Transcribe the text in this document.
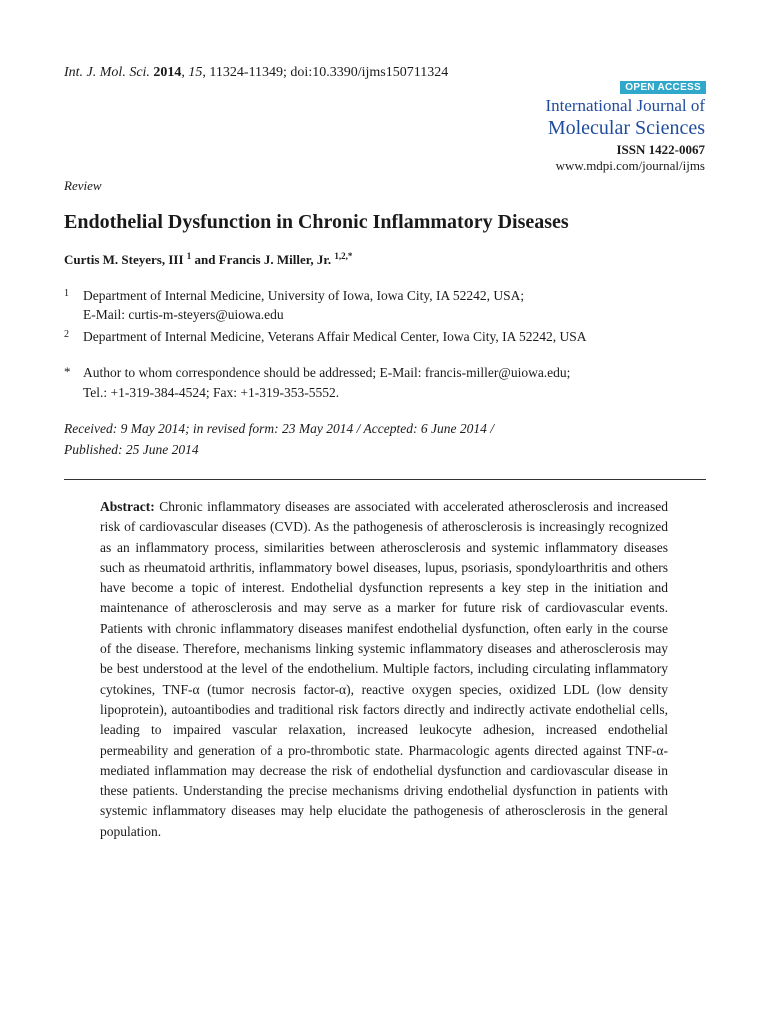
Int. J. Mol. Sci. 2014, 15, 11324-11349; doi:10.3390/ijms150711324
OPEN ACCESS
International Journal of
Molecular Sciences
ISSN 1422-0067
www.mdpi.com/journal/ijms
Review
Endothelial Dysfunction in Chronic Inflammatory Diseases
Curtis M. Steyers, III $^1$ and Francis J. Miller, Jr. $^{1,2,*}$
1 Department of Internal Medicine, University of Iowa, Iowa City, IA 52242, USA;
E-Mail: curtis-m-steyers@uiowa.edu
2 Department of Internal Medicine, Veterans Affair Medical Center, Iowa City, IA 52242, USA
* Author to whom correspondence should be addressed; E-Mail: francis-miller@uiowa.edu;
Tel.: +1-319-384-4524; Fax: +1-319-353-5552.
Received: 9 May 2014; in revised form: 23 May 2014 / Accepted: 6 June 2014 /
Published: 25 June 2014
Abstract: Chronic inflammatory diseases are associated with accelerated atherosclerosis and increased risk of cardiovascular diseases (CVD). As the pathogenesis of atherosclerosis is increasingly recognized as an inflammatory process, similarities between atherosclerosis and systemic inflammatory diseases such as rheumatoid arthritis, inflammatory bowel diseases, lupus, psoriasis, spondyloarthritis and others have become a topic of interest. Endothelial dysfunction represents a key step in the initiation and maintenance of atherosclerosis and may serve as a marker for future risk of cardiovascular events. Patients with chronic inflammatory diseases manifest endothelial dysfunction, often early in the course of the disease. Therefore, mechanisms linking systemic inflammatory diseases and atherosclerosis may be best understood at the level of the endothelium. Multiple factors, including circulating inflammatory cytokines, TNF-α (tumor necrosis factor-α), reactive oxygen species, oxidized LDL (low density lipoprotein), autoantibodies and traditional risk factors directly and indirectly activate endothelial cells, leading to impaired vascular relaxation, increased leukocyte adhesion, increased endothelial permeability and generation of a pro-thrombotic state. Pharmacologic agents directed against TNF-α-mediated inflammation may decrease the risk of endothelial dysfunction and cardiovascular disease in these patients. Understanding the precise mechanisms driving endothelial dysfunction in patients with systemic inflammatory diseases may help elucidate the pathogenesis of atherosclerosis in the general population.
